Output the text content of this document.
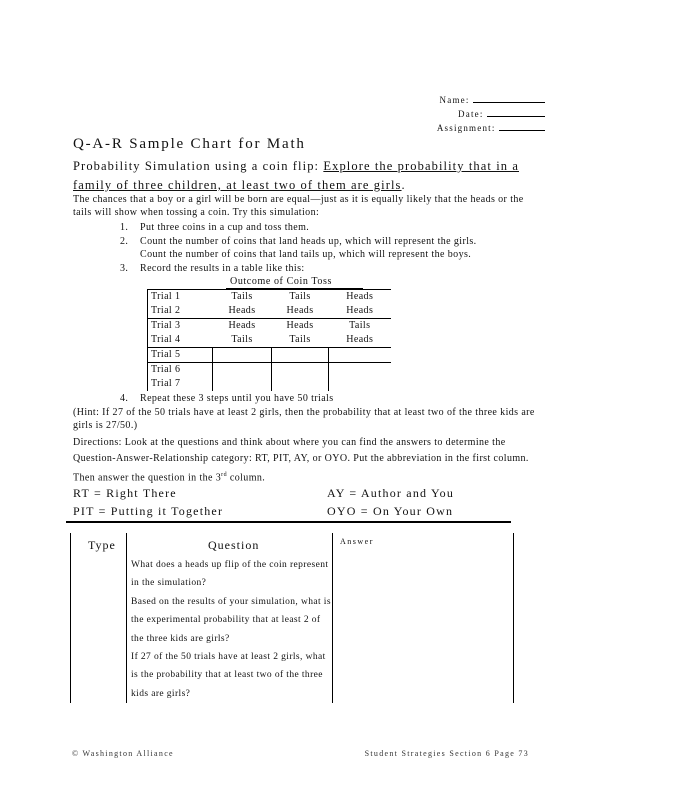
Name:
Date:
Assignment:
Q-A-R Sample Chart for Math
Probability Simulation using a coin flip: Explore the probability that in a family of three children, at least two of them are girls.
The chances that a boy or a girl will be born are equal—just as it is equally likely that the heads or the tails will show when tossing a coin. Try this simulation:
1. Put three coins in a cup and toss them.
2. Count the number of coins that land heads up, which will represent the girls.
Count the number of coins that land tails up, which will represent the boys.
3. Record the results in a table like this:
Outcome of Coin Toss
Trial 1	Tails	Tails	Heads
Trial 2	Heads	Heads	Heads
Trial 3	Heads	Heads	Tails
Trial 4	Tails	Tails	Heads
Trial 5			
Trial 6			
Trial 7			
4. Repeat these 3 steps until you have 50 trials
(Hint: If 27 of the 50 trials have at least 2 girls, then the probability that at least two of the three kids are girls is 27/50.)
Directions: Look at the questions and think about where you can find the answers to determine the Question-Answer-Relationship category: RT, PIT, AY, or OYO. Put the abbreviation in the first column. Then answer the question in the 3rd column.
RT = Right There	AY = Author and You
PIT = Putting it Together	OYO = On Your Own
Type	Question	Answer
What does a heads up flip of the coin represent in the simulation?
Based on the results of your simulation, what is the experimental probability that at least 2 of the three kids are girls?
If 27 of the 50 trials have at least 2 girls, what is the probability that at least two of the three kids are girls?
© Washington Alliance	Student Strategies Section 6 Page 73
